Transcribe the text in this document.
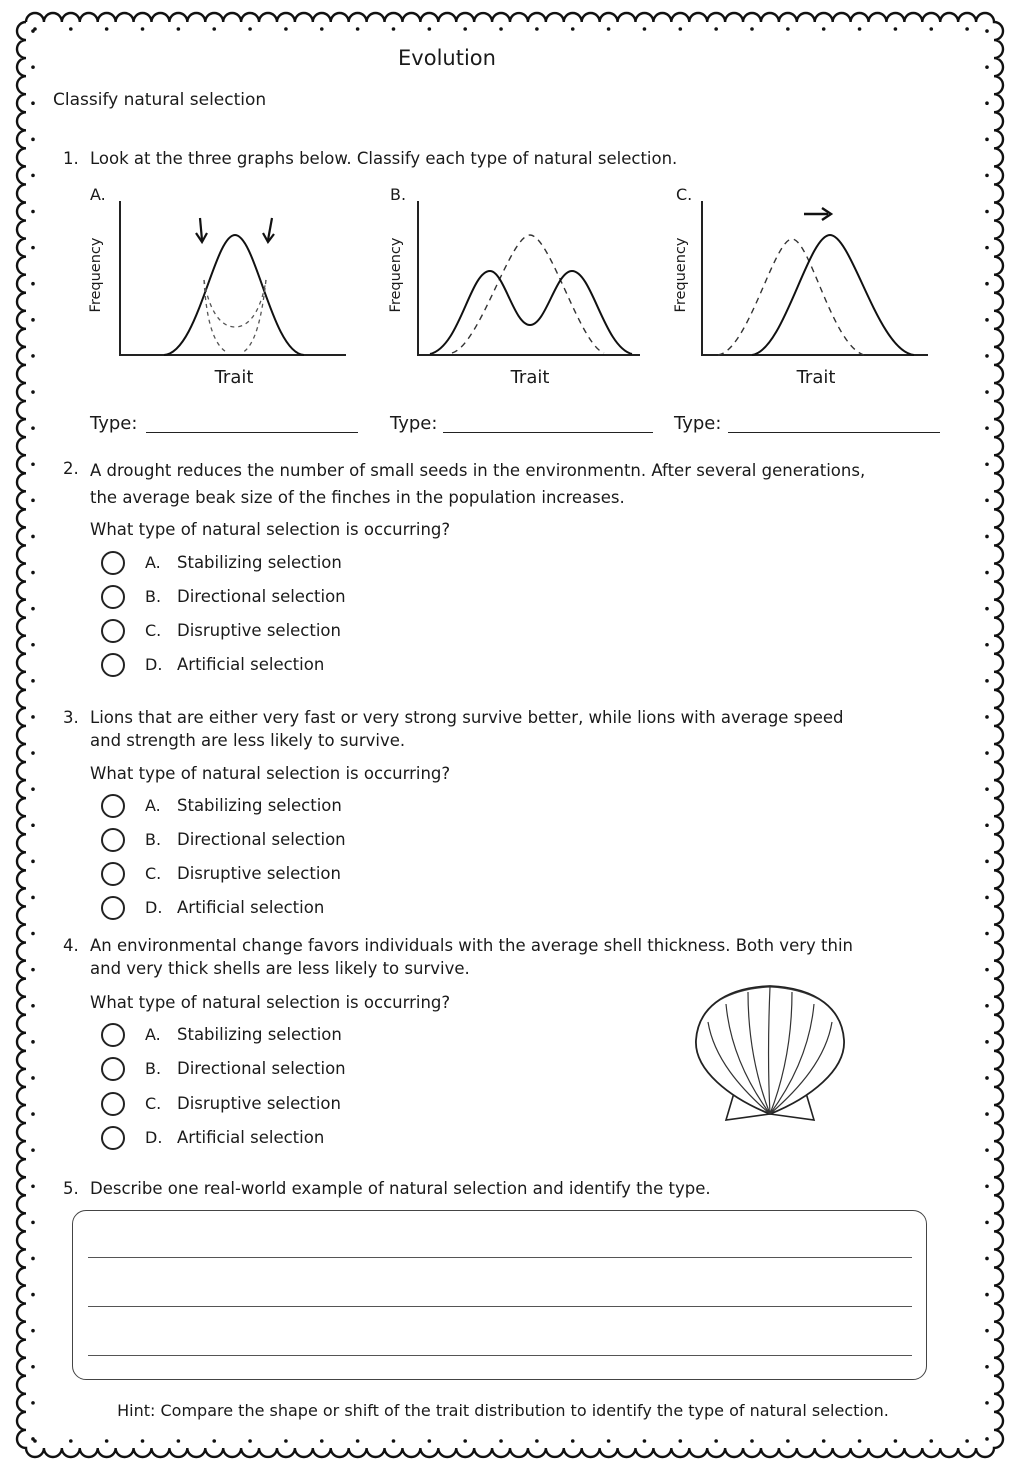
Evolution
Classify natural selection
1. Look at the three graphs below. Classify each type of natural selection.
A.
Frequency
Trait
B.
Frequency
Trait
C.
Frequency
Trait
Type:	Type:	Type:
2. A drought reduces the number of small seeds in the environmentn. After several generations, the average beak size of the finches in the population increases.
What type of natural selection is occurring?
A. Stabilizing selection
B. Directional selection
C. Disruptive selection
D. Artificial selection
3. Lions that are either very fast or very strong survive better, while lions with average speed and strength are less likely to survive.
What type of natural selection is occurring?
A. Stabilizing selection
B. Directional selection
C. Disruptive selection
D. Artificial selection
4. An environmental change favors individuals with the average shell thickness. Both very thin and very thick shells are less likely to survive.
What type of natural selection is occurring?
A. Stabilizing selection
B. Directional selection
C. Disruptive selection
D. Artificial selection
5. Describe one real-world example of natural selection and identify the type.
Hint: Compare the shape or shift of the trait distribution to identify the type of natural selection.
